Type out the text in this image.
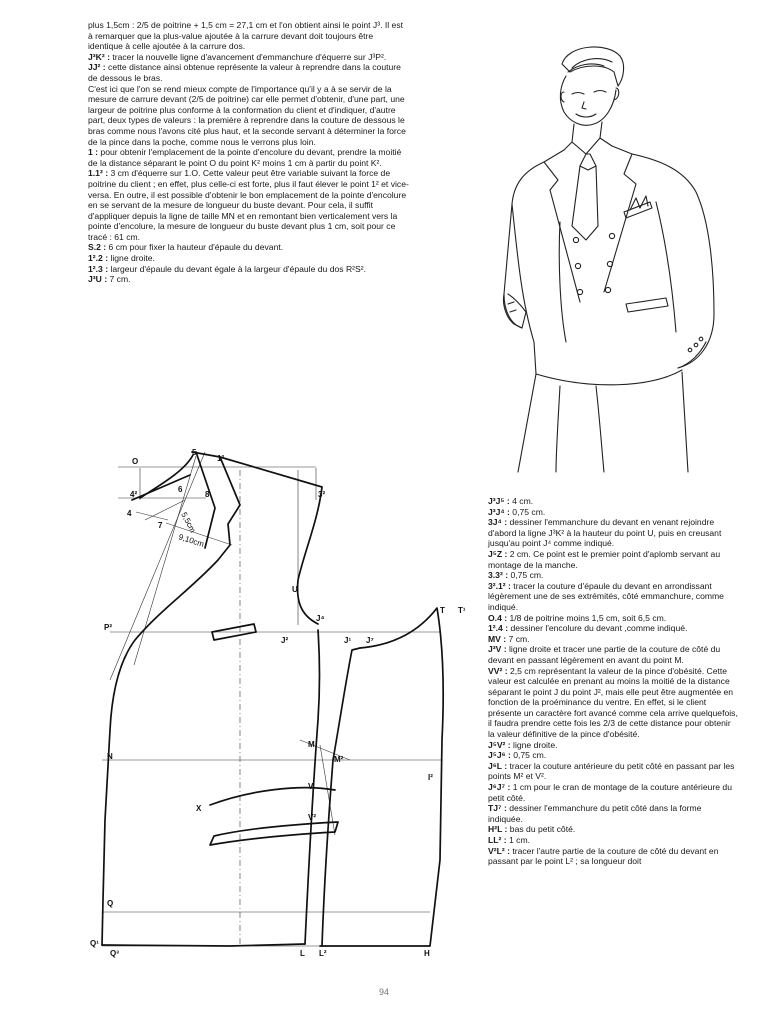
plus 1,5cm : 2/5 de poitrine + 1,5 cm = 27,1 cm et l'on obtient ainsi le point J³. Il est à remarquer que la plus-value ajoutée à la carrure devant doit toujours être identique à celle ajoutée à la carrure dos.

J³K² : tracer la nouvelle ligne d'avancement d'emmanchure d'équerre sur J³P².

JJ² : cette distance ainsi obtenue représente la valeur à reprendre dans la couture de dessous le bras.

C'est ici que l'on se rend mieux compte de l'importance qu'il y a à se servir de la mesure de carrure devant (2/5 de poitrine) car elle permet d'obtenir, d'une part, une largeur de poitrine plus conforme à la conformation du client et d'indiquer, d'autre part, deux types de valeurs : la première à reprendre dans la couture de dessous le bras comme nous l'avons cité plus haut, et la seconde servant à déterminer la force de la pince dans la poche, comme nous le verrons plus loin.

1 : pour obtenir l'emplacement de la pointe d'encolure du devant, prendre la moitié de la distance séparant le point O du point K² moins 1 cm à partir du point K².

1.1² : 3 cm d'équerre sur 1.O. Cette valeur peut être variable suivant la force de poitrine du client ; en effet, plus celle-ci est forte, plus il faut élever le point 1² et vice-versa. En outre, il est possible d'obtenir le bon emplacement de la pointe d'encolure en se servant de la mesure de longueur du buste devant. Pour cela, il suffit d'appliquer depuis la ligne de taille MN et en remontant bien verticalement vers la pointe d'encolure, la mesure de longueur du buste devant plus 1 cm, soit pour ce tracé : 61 cm.

S.2 : 6 cm pour fixer la hauteur d'épaule du devant.

1².2 : ligne droite.

1².3 : largeur d'épaule du devant égale à la largeur d'épaule du dos R²S².

J³U : 7 cm.

5,5cm
9,10cm
O
4²
4
5
1²
6
8
7
3²
U
J⁴
P²
J²	J¹ J⁷
T T¹
N
M
M²
I²
V
X
V²
Q
Q¹
Q³	L L²	H

J³J⁵ : 4 cm.

J³J⁴ : 0,75 cm.

3J⁴ : dessiner l'emmanchure du devant en venant rejoindre d'abord la ligne J³K² à la hauteur du point U, puis en creusant jusqu'au point J⁴ comme indiqué.

J⁵Z : 2 cm. Ce point est le premier point d'aplomb servant au montage de la manche.

3.3² : 0,75 cm.

3².1² : tracer la couture d'épaule du devant en arrondissant légèrement une de ses extrémités, côté emmanchure, comme indiqué.

O.4 : 1/8 de poitrine moins 1,5 cm, soit 6,5 cm.

1².4 : dessiner l'encolure du devant ,comme indiqué.

MV : 7 cm.

J³V : ligne droite et tracer une partie de la couture de côté du devant en passant légèrement en avant du point M.

VV² : 2,5 cm représentant la valeur de la pince d'obésité. Cette valeur est calculée en prenant au moins la moitié de la distance séparant le point J du point J², mais elle peut être augmentée en fonction de la proéminance du ventre. En effet, si le client présente un caractère fort avancé comme cela arrive quelquefois, il faudra prendre cette fois les 2/3 de cette distance pour obtenir la valeur définitive de la pince d'obésité.

J⁵V² : ligne droite.

J⁵J⁶ : 0,75 cm.

J⁶L : tracer la couture antérieure du petit côté en passant par les points M² et V².

J⁶J⁷ : 1 cm pour le cran de montage de la couture antérieure du petit côté.

TJ⁷ : dessiner l'emmanchure du petit côté dans la forme indiquée.

H²L : bas du petit côté.

LL² : 1 cm.

V²L² : tracer l'autre partie de la couture de côté du devant en passant par le point L² ; sa longueur doit

94
